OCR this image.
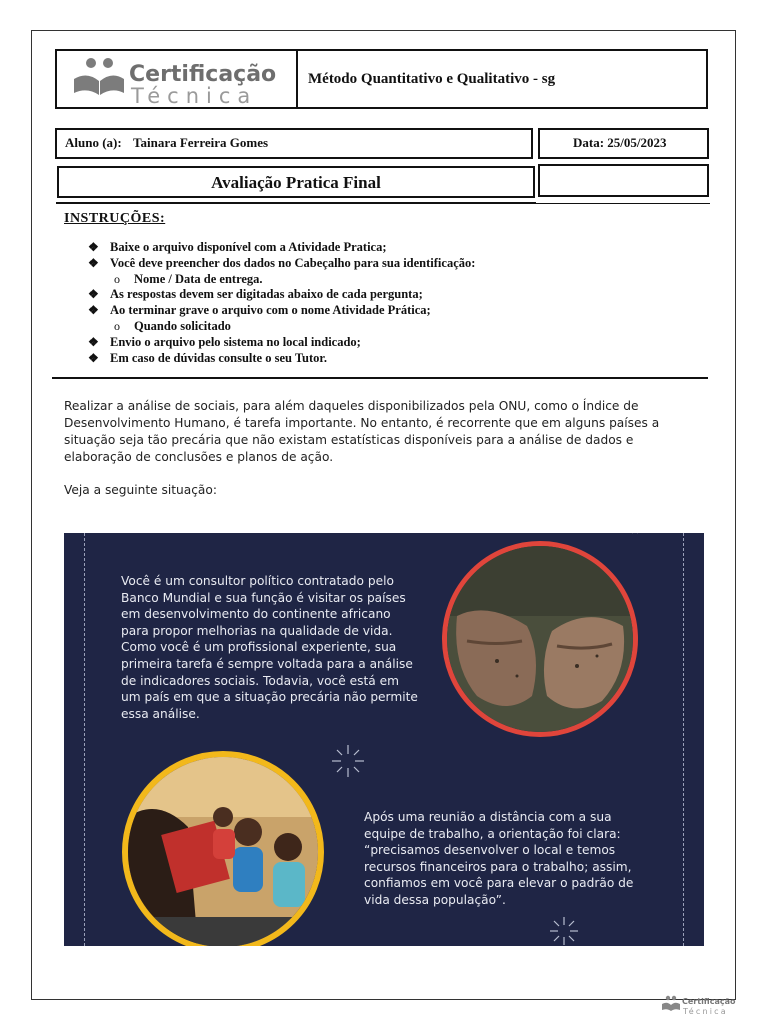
Certificação
Técnica
Método Quantitativo e Qualitativo - sg
Aluno (a): Tainara Ferreira Gomes	Data: 25/05/2023
Avaliação Pratica Final
INSTRUÇÕES:
❖ Baixe o arquivo disponível com a Atividade Pratica;
❖ Você deve preencher dos dados no Cabeçalho para sua identificação:
o Nome / Data de entrega.
❖ As respostas devem ser digitadas abaixo de cada pergunta;
❖ Ao terminar grave o arquivo com o nome Atividade Prática;
o Quando solicitado
❖ Envio o arquivo pelo sistema no local indicado;
❖ Em caso de dúvidas consulte o seu Tutor.
Realizar a análise de sociais, para além daqueles disponibilizados pela ONU, como o Índice de Desenvolvimento Humano, é tarefa importante. No entanto, é recorrente que em alguns países a situação seja tão precária que não existam estatísticas disponíveis para a análise de dados e elaboração de conclusões e planos de ação.
Veja a seguinte situação:
Você é um consultor político contratado pelo Banco Mundial e sua função é visitar os países em desenvolvimento do continente africano para propor melhorias na qualidade de vida. Como você é um profissional experiente, sua primeira tarefa é sempre voltada para a análise de indicadores sociais. Todavia, você está em um país em que a situação precária não permite essa análise.
Após uma reunião a distância com a sua equipe de trabalho, a orientação foi clara: “precisamos desenvolver o local e temos recursos financeiros para o trabalho; assim, confiamos em você para elevar o padrão de vida dessa população”.
Certificação
Técnica
